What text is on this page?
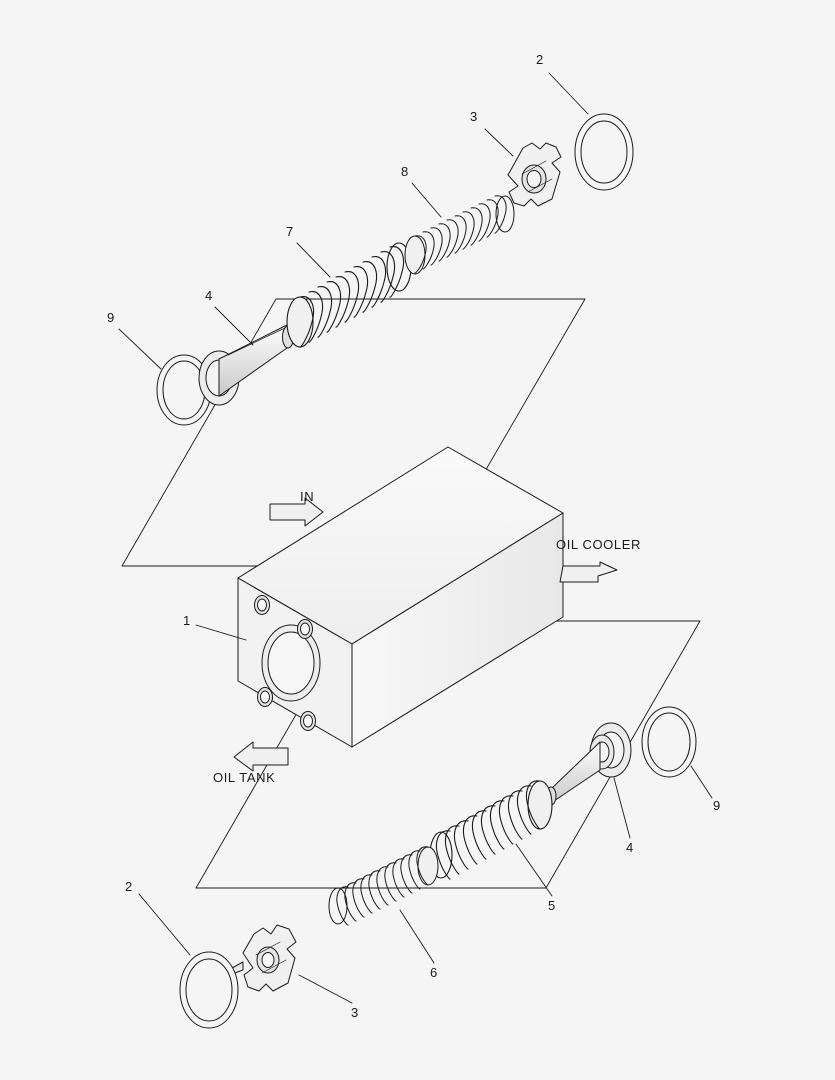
2
3
8
7
4
9
1
9
4
5
6
2
3
IN
OIL COOLER
OIL TANK
